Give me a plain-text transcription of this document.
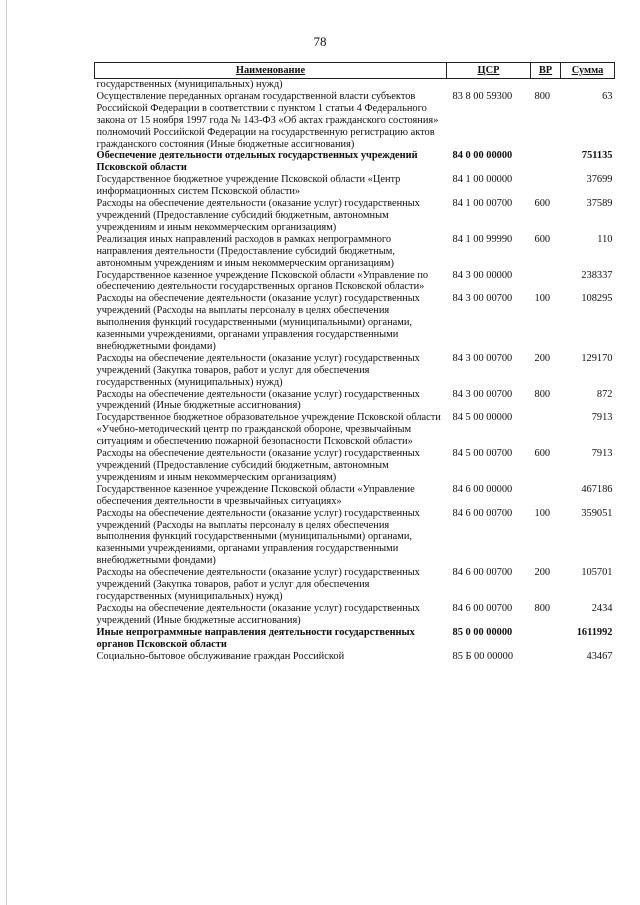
78
Наименование	ЦСР	ВР	Сумма
государственных (муниципальных) нужд)			
Осуществление переданных органам государственной власти субъектов Российской Федерации в соответствии с пунктом 1 статьи 4 Федерального закона от 15 ноября 1997 года № 143-ФЗ «Об актах гражданского состояния» полномочий Российской Федерации на государственную регистрацию актов гражданского состояния (Иные бюджетные ассигнования)	83 8 00 59300	800	63
Обеспечение деятельности отдельных государственных учреждений Псковской области	84 0 00 00000		751135
Государственное бюджетное учреждение Псковской области «Центр информационных систем Псковской области»	84 1 00 00000		37699
Расходы на обеспечение деятельности (оказание услуг) государственных учреждений (Предоставление субсидий бюджетным, автономным учреждениям и иным некоммерческим организациям)	84 1 00 00700	600	37589
Реализация иных направлений расходов в рамках непрограммного направления деятельности (Предоставление субсидий бюджетным, автономным учреждениям и иным некоммерческим организациям)	84 1 00 99990	600	110
Государственное казенное учреждение Псковской области «Управление по обеспечению деятельности государственных органов Псковской области»	84 3 00 00000		238337
Расходы на обеспечение деятельности (оказание услуг) государственных учреждений (Расходы на выплаты персоналу в целях обеспечения выполнения функций государственными (муниципальными) органами, казенными учреждениями, органами управления государственными внебюджетными фондами)	84 3 00 00700	100	108295
Расходы на обеспечение деятельности (оказание услуг) государственных учреждений (Закупка товаров, работ и услуг для обеспечения государственных (муниципальных) нужд)	84 3 00 00700	200	129170
Расходы на обеспечение деятельности (оказание услуг) государственных учреждений (Иные бюджетные ассигнования)	84 3 00 00700	800	872
Государственное бюджетное образовательное учреждение Псковской области «Учебно-методический центр по гражданской обороне, чрезвычайным ситуациям и обеспечению пожарной безопасности Псковской области»	84 5 00 00000		7913
Расходы на обеспечение деятельности (оказание услуг) государственных учреждений (Предоставление субсидий бюджетным, автономным учреждениям и иным некоммерческим организациям)	84 5 00 00700	600	7913
Государственное казенное учреждение Псковской области «Управление обеспечения деятельности в чрезвычайных ситуациях»	84 6 00 00000		467186
Расходы на обеспечение деятельности (оказание услуг) государственных учреждений (Расходы на выплаты персоналу в целях обеспечения выполнения функций государственными (муниципальными) органами, казенными учреждениями, органами управления государственными внебюджетными фондами)	84 6 00 00700	100	359051
Расходы на обеспечение деятельности (оказание услуг) государственных учреждений (Закупка товаров, работ и услуг для обеспечения государственных (муниципальных) нужд)	84 6 00 00700	200	105701
Расходы на обеспечение деятельности (оказание услуг) государственных учреждений (Иные бюджетные ассигнования)	84 6 00 00700	800	2434
Иные непрограммные направления деятельности государственных органов Псковской области	85 0 00 00000		1611992
Социально-бытовое обслуживание граждан Российской	85 Б 00 00000		43467
